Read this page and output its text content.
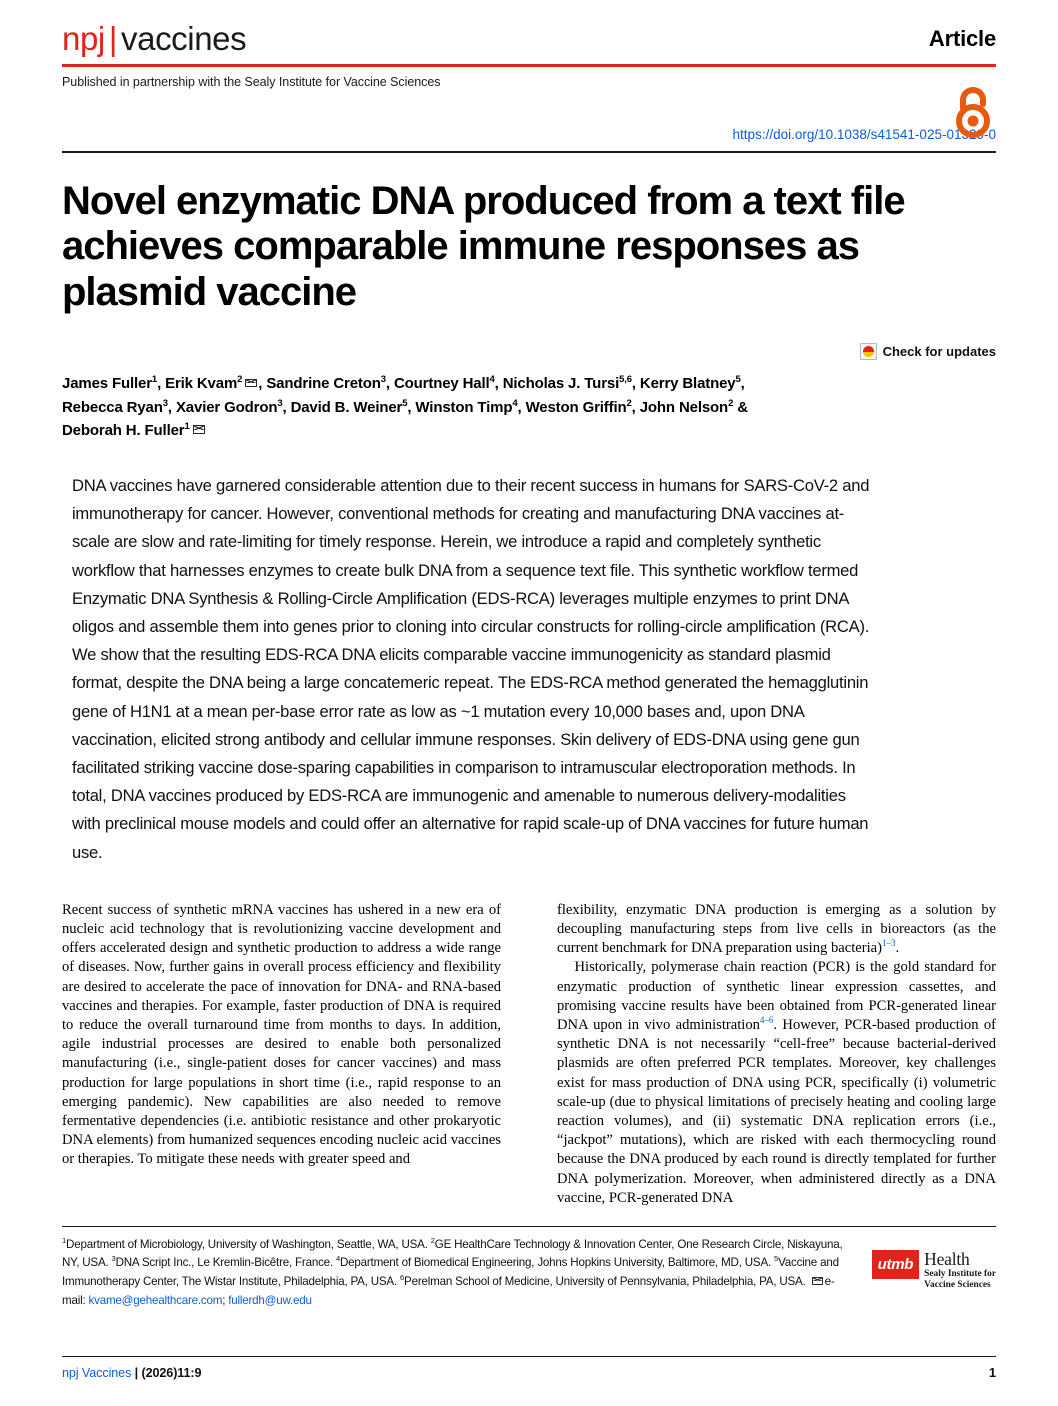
npj | vaccines	Article
Published in partnership with the Sealy Institute for Vaccine Sciences
https://doi.org/10.1038/s41541-025-01329-0
Novel enzymatic DNA produced from a text file achieves comparable immune responses as plasmid vaccine
Check for updates
James Fuller$^1$, Erik Kvam$^2$ , Sandrine Creton$^3$, Courtney Hall$^4$, Nicholas J. Tursi$^{5,6}$, Kerry Blatney$^5$,
Rebecca Ryan$^3$, Xavier Godron$^3$, David B. Weiner$^5$, Winston Timp$^4$, Weston Griffin$^2$, John Nelson$^2$ &
Deborah H. Fuller$^1$
DNA vaccines have garnered considerable attention due to their recent success in humans for SARS-CoV-2 and immunotherapy for cancer. However, conventional methods for creating and manufacturing DNA vaccines at-scale are slow and rate-limiting for timely response. Herein, we introduce a rapid and completely synthetic workflow that harnesses enzymes to create bulk DNA from a sequence text file. This synthetic workflow termed Enzymatic DNA Synthesis & Rolling-Circle Amplification (EDS-RCA) leverages multiple enzymes to print DNA oligos and assemble them into genes prior to cloning into circular constructs for rolling-circle amplification (RCA). We show that the resulting EDS-RCA DNA elicits comparable vaccine immunogenicity as standard plasmid format, despite the DNA being a large concatemeric repeat. The EDS-RCA method generated the hemagglutinin gene of H1N1 at a mean per-base error rate as low as ~1 mutation every 10,000 bases and, upon DNA vaccination, elicited strong antibody and cellular immune responses. Skin delivery of EDS-DNA using gene gun facilitated striking vaccine dose-sparing capabilities in comparison to intramuscular electroporation methods. In total, DNA vaccines produced by EDS-RCA are immunogenic and amenable to numerous delivery-modalities with preclinical mouse models and could offer an alternative for rapid scale-up of DNA vaccines for future human use.

Recent success of synthetic mRNA vaccines has ushered in a new era of nucleic acid technology that is revolutionizing vaccine development and offers accelerated design and synthetic production to address a wide range of diseases. Now, further gains in overall process efficiency and flexibility are desired to accelerate the pace of innovation for DNA- and RNA-based vaccines and therapies. For example, faster production of DNA is required to reduce the overall turnaround time from months to days. In addition, agile industrial processes are desired to enable both personalized manufacturing (i.e., single-patient doses for cancer vaccines) and mass production for large populations in short time (i.e., rapid response to an emerging pandemic). New capabilities are also needed to remove fermentative dependencies (i.e. antibiotic resistance and other prokaryotic DNA elements) from humanized sequences encoding nucleic acid vaccines or therapies. To mitigate these needs with greater speed and

flexibility, enzymatic DNA production is emerging as a solution by decoupling manufacturing steps from live cells in bioreactors (as the current benchmark for DNA preparation using bacteria)$^{1-3}$.

Historically, polymerase chain reaction (PCR) is the gold standard for enzymatic production of synthetic linear expression cassettes, and promising vaccine results have been obtained from PCR-generated linear DNA upon in vivo administration$^{4-6}$. However, PCR-based production of synthetic DNA is not necessarily “cell-free” because bacterial-derived plasmids are often preferred PCR templates. Moreover, key challenges exist for mass production of DNA using PCR, specifically (i) volumetric scale-up (due to physical limitations of precisely heating and cooling large reaction volumes), and (ii) systematic DNA replication errors (i.e., “jackpot” mutations), which are risked with each thermocycling round because the DNA produced by each round is directly templated for further DNA polymerization. Moreover, when administered directly as a DNA vaccine, PCR-generated DNA

$^1$Department of Microbiology, University of Washington, Seattle, WA, USA. $^2$GE HealthCare Technology & Innovation Center, One Research Circle, Niskayuna, NY, USA. $^3$DNA Script Inc., Le Kremlin-Bicêtre, France. $^4$Department of Biomedical Engineering, Johns Hopkins University, Baltimore, MD, USA. $^5$Vaccine and Immunotherapy Center, The Wistar Institute, Philadelphia, PA, USA. $^6$Perelman School of Medicine, University of Pennsylvania, Philadelphia, PA, USA. e-mail: kvame@gehealthcare.com; fullerdh@uw.edu
utmb Health
Sealy Institute for
Vaccine Sciences
npj Vaccines | (2026)11:9	1
